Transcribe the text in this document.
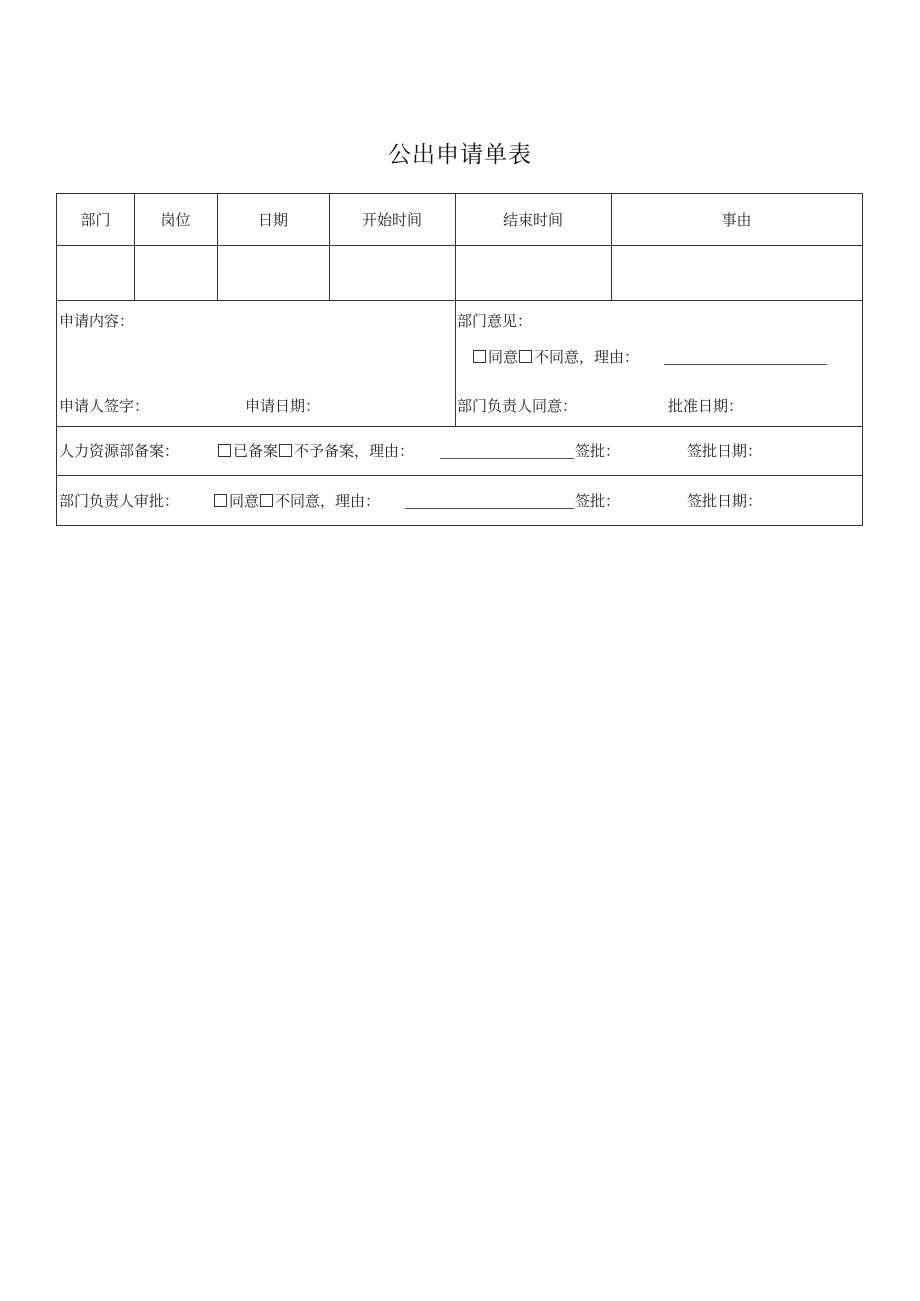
公出申请单表
部门	岗位	日期	开始时间	结束时间	事由
申请内容：
申请人签字：	申请日期：
部门意见：
同意 不同意，理由：
部门负责人同意：	批准日期：
人力资源部备案：	已备案 不予备案，理由：	签批：	签批日期：
部门负责人审批：	同意 不同意，理由：	签批：	签批日期：
